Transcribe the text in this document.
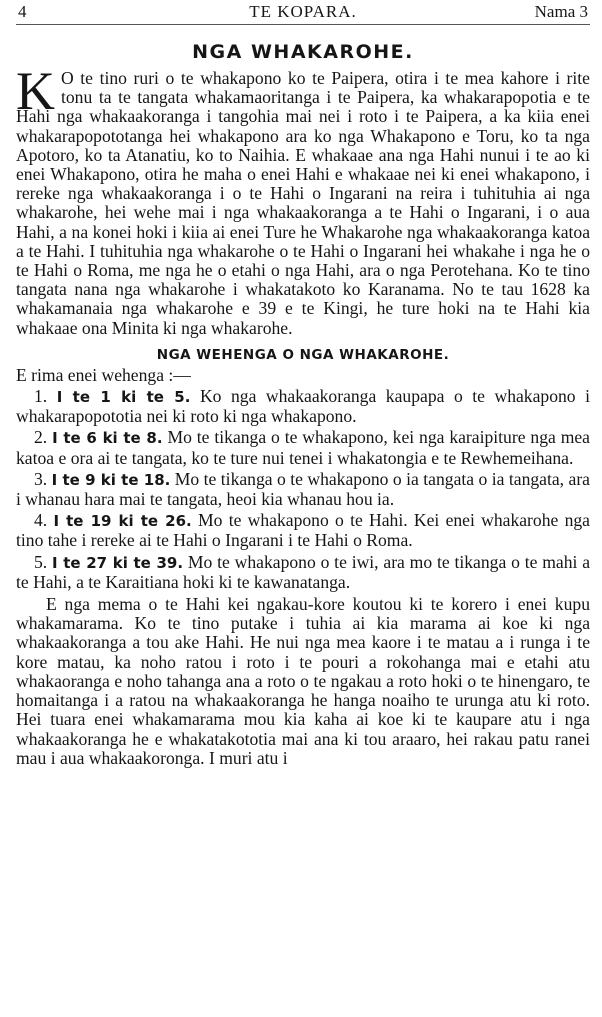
4	TE KOPARA.	Nama 3
NGA WHAKAROHE.

K O te tino ruri o te whakapono ko te Paipera, otira i te mea kahore i rite tonu ta te tangata whakamaoritanga i te Paipera, ka whakarapopotia e te Hahi nga whakaakoranga i tangohia mai nei i roto i te Paipera, a ka kiia enei whakarapopototanga hei whakapono ara ko nga Whakapono e Toru, ko ta nga Apotoro, ko ta Atanatiu, ko to Naihia. E whakaae ana nga Hahi nunui i te ao ki enei Whakapono, otira he maha o enei Hahi e whakaae nei ki enei whakapono, i rereke nga whakaakoranga i o te Hahi o Ingarani na reira i tuhituhia ai nga whakarohe, hei wehe mai i nga whakaakoranga a te Hahi o Ingarani, i o aua Hahi, a na konei hoki i kiia ai enei Ture he Whakarohe nga whakaakoranga katoa a te Hahi. I tuhituhia nga whakarohe o te Hahi o Ingarani hei whakahe i nga he o te Hahi o Roma, me nga he o etahi o nga Hahi, ara o nga Perotehana. Ko te tino tangata nana nga whakarohe i whakatakoto ko Karanama. No te tau 1628 ka whakamanaia nga whakarohe e 39 e te Kingi, he ture hoki na te Hahi kia whakaae ona Minita ki nga whakarohe.

NGA WEHENGA O NGA WHAKAROHE.

E rima enei wehenga :—

1. I te 1 ki te 5. Ko nga whakaakoranga kaupapa o te whakapono i whakarapopototia nei ki roto ki nga whakapono.

2. I te 6 ki te 8. Mo te tikanga o te whakapono, kei nga karaipiture nga mea katoa e ora ai te tangata, ko te ture nui tenei i whakatongia e te Rewhemeihana.

3. I te 9 ki te 18. Mo te tikanga o te whakapono o ia tangata o ia tangata, ara i whanau hara mai te tangata, heoi kia whanau hou ia.

4. I te 19 ki te 26. Mo te whakapono o te Hahi. Kei enei whakarohe nga tino tahe i rereke ai te Hahi o Ingarani i te Hahi o Roma.

5. I te 27 ki te 39. Mo te whakapono o te iwi, ara mo te tikanga o te mahi a te Hahi, a te Karaitiana hoki ki te kawanatanga.

E nga mema o te Hahi kei ngakau-kore koutou ki te korero i enei kupu whakamarama. Ko te tino putake i tuhia ai kia marama ai koe ki nga whakaakoranga a tou ake Hahi. He nui nga mea kaore i te matau a i runga i te kore matau, ka noho ratou i roto i te pouri a rokohanga mai e etahi atu whakaoranga e noho tahanga ana a roto o te ngakau a roto hoki o te hinengaro, te homaitanga i a ratou na whakaakoranga he hanga noaiho te urunga atu ki roto. Hei tuara enei whakamarama mou kia kaha ai koe ki te kaupare atu i nga whakaakoranga he e whakatakototia mai ana ki tou araaro, hei rakau patu ranei mau i aua whakaakoronga. I muri atu i
